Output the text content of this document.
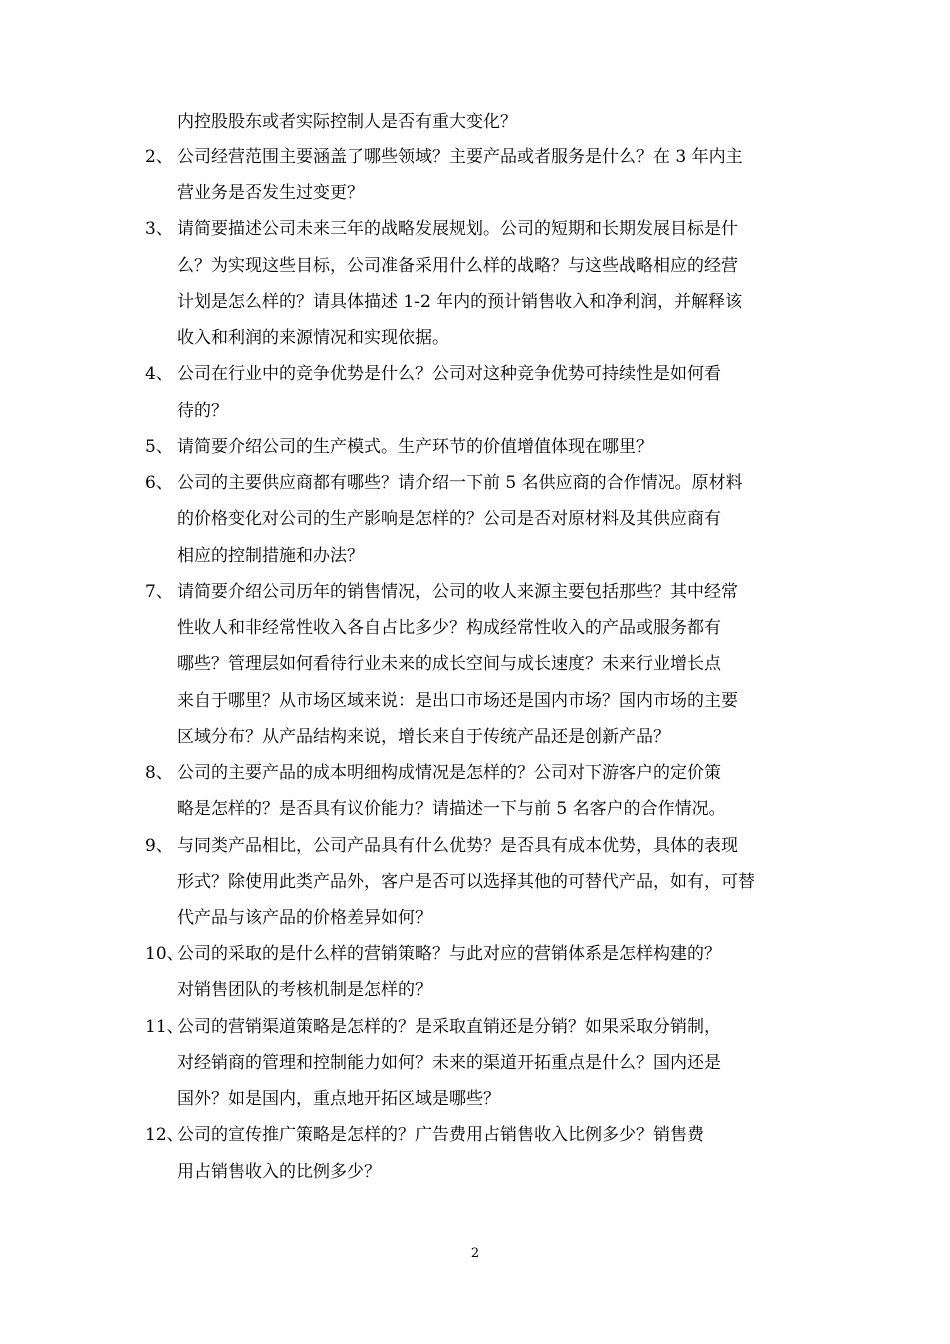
内控股股东或者实际控制人是否有重大变化？
2、 公司经营范围主要涵盖了哪些领域？主要产品或者服务是什么？在 3 年内主
营业务是否发生过变更？
3、 请简要描述公司未来三年的战略发展规划。公司的短期和长期发展目标是什
么？为实现这些目标，公司准备采用什么样的战略？与这些战略相应的经营
计划是怎么样的？请具体描述 1-2 年内的预计销售收入和净利润，并解释该
收入和利润的来源情况和实现依据。
4、 公司在行业中的竞争优势是什么？公司对这种竞争优势可持续性是如何看
待的？
5、 请简要介绍公司的生产模式。生产环节的价值增值体现在哪里？
6、 公司的主要供应商都有哪些？请介绍一下前 5 名供应商的合作情况。原材料
的价格变化对公司的生产影响是怎样的？公司是否对原材料及其供应商有
相应的控制措施和办法？
7、 请简要介绍公司历年的销售情况，公司的收人来源主要包括那些？其中经常
性收人和非经常性收入各自占比多少？构成经常性收入的产品或服务都有
哪些？管理层如何看待行业未来的成长空间与成长速度？未来行业增长点
来自于哪里？从市场区域来说：是出口市场还是国内市场？国内市场的主要
区域分布？从产品结构来说，增长来自于传统产品还是创新产品？
8、 公司的主要产品的成本明细构成情况是怎样的？公司对下游客户的定价策
略是怎样的？是否具有议价能力？请描述一下与前 5 名客户的合作情况。
9、 与同类产品相比，公司产品具有什么优势？是否具有成本优势，具体的表现
形式？除使用此类产品外，客户是否可以选择其他的可替代产品，如有，可替
代产品与该产品的价格差异如何？
10、
公司的采取的是什么样的营销策略？与此对应的营销体系是怎样构建的？
对销售团队的考核机制是怎样的？
11、
公司的营销渠道策略是怎样的？是采取直销还是分销？如果采取分销制，
对经销商的管理和控制能力如何？未来的渠道开拓重点是什么？国内还是
国外？如是国内，重点地开拓区域是哪些？
12、
公司的宣传推广策略是怎样的？广告费用占销售收入比例多少？销售费
用占销售收入的比例多少？
2
